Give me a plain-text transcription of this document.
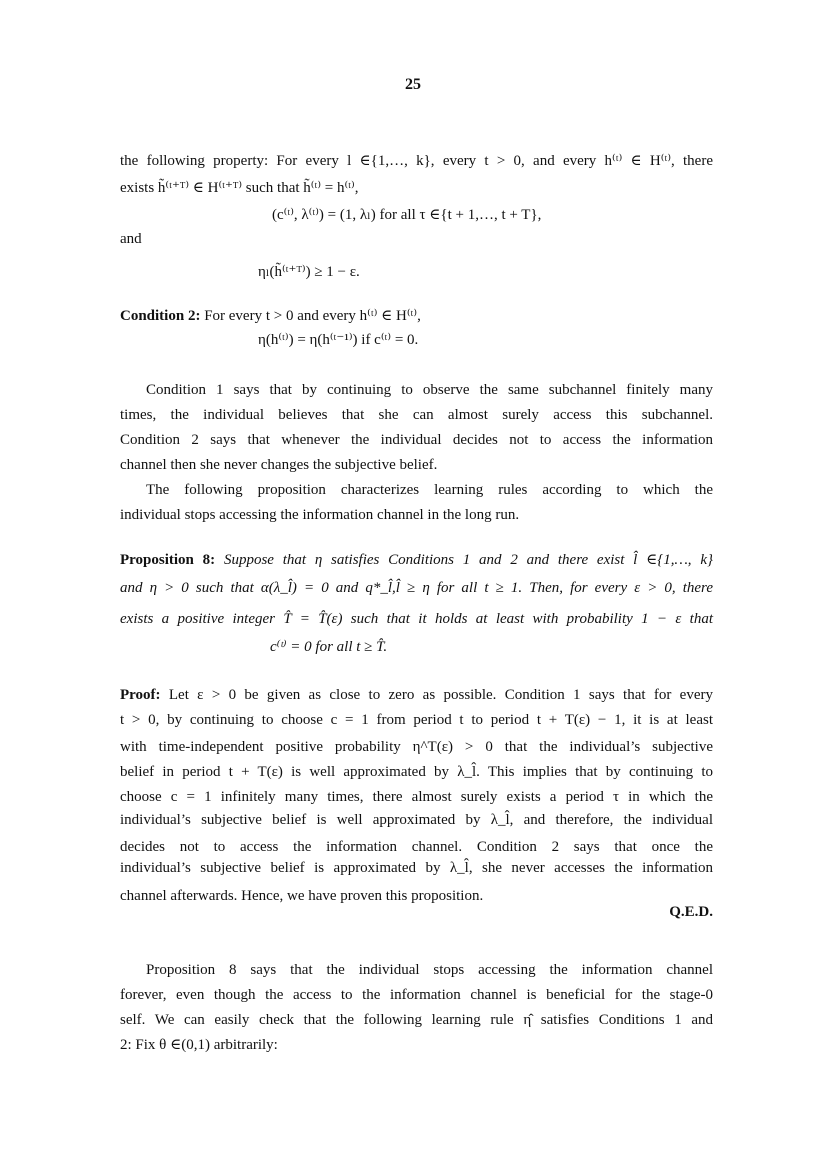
25
the following property: For every l ∈{1,…, k}, every t > 0, and every h⁽ᵗ⁾ ∈ H⁽ᵗ⁾, there
exists h̃⁽ᵗ⁺ᵀ⁾ ∈ H⁽ᵗ⁺ᵀ⁾ such that h̃⁽ᵗ⁾ = h⁽ᵗ⁾,
(c⁽ᵗ⁾, λ⁽ᵗ⁾) = (1, λₗ) for all τ ∈{t + 1,…, t + T},
and
ηₗ(h̃⁽ᵗ⁺ᵀ⁾) ≥ 1 − ε.
Condition 2: For every t > 0 and every h⁽ᵗ⁾ ∈ H⁽ᵗ⁾,
η(h⁽ᵗ⁾) = η(h⁽ᵗ⁻¹⁾) if c⁽ᵗ⁾ = 0.
Condition 1 says that by continuing to observe the same subchannel finitely many
times, the individual believes that she can almost surely access this subchannel.
Condition 2 says that whenever the individual decides not to access the information
channel then she never changes the subjective belief.
The following proposition characterizes learning rules according to which the
individual stops accessing the information channel in the long run.
Proposition 8: Suppose that η satisfies Conditions 1 and 2 and there exist l̂ ∈{1,…, k}
and η > 0 such that α(λ_l̂) = 0 and q*_l̂,l̂ ≥ η for all t ≥ 1. Then, for every ε > 0, there
exists a positive integer T̂ = T̂(ε) such that it holds at least with probability 1 − ε that
c⁽ᵗ⁾ = 0 for all t ≥ T̂.
Proof: Let ε > 0 be given as close to zero as possible. Condition 1 says that for every
t > 0, by continuing to choose c = 1 from period t to period t + T(ε) − 1, it is at least
with time-independent positive probability η^T(ε) > 0 that the individual’s subjective
belief in period t + T(ε) is well approximated by λ_l̂. This implies that by continuing to
choose c = 1 infinitely many times, there almost surely exists a period τ in which the
individual’s subjective belief is well approximated by λ_l̂, and therefore, the individual
decides not to access the information channel. Condition 2 says that once the
individual’s subjective belief is approximated by λ_l̂, she never accesses the information
channel afterwards. Hence, we have proven this proposition.
Q.E.D.
Proposition 8 says that the individual stops accessing the information channel
forever, even though the access to the information channel is beneficial for the stage-0
self. We can easily check that the following learning rule η̂ satisfies Conditions 1 and
2: Fix θ ∈(0,1) arbitrarily:
